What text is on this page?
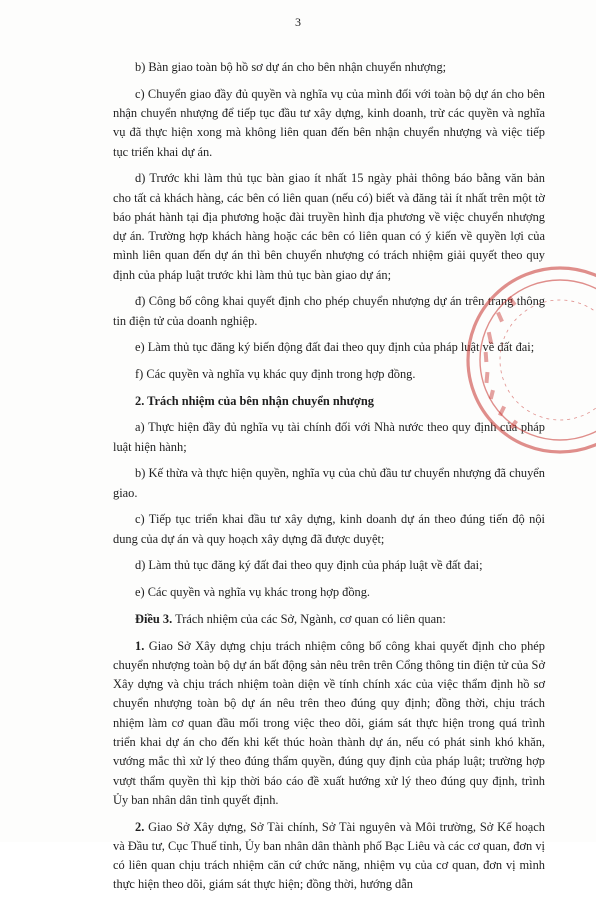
3

b) Bàn giao toàn bộ hồ sơ dự án cho bên nhận chuyển nhượng;

c) Chuyển giao đầy đủ quyền và nghĩa vụ của mình đối với toàn bộ dự án cho bên nhận chuyển nhượng để tiếp tục đầu tư xây dựng, kinh doanh, trừ các quyền và nghĩa vụ đã thực hiện xong mà không liên quan đến bên nhận chuyển nhượng và việc tiếp tục triển khai dự án.

d) Trước khi làm thủ tục bàn giao ít nhất 15 ngày phải thông báo bằng văn bản cho tất cả khách hàng, các bên có liên quan (nếu có) biết và đăng tải ít nhất trên một tờ báo phát hành tại địa phương hoặc đài truyền hình địa phương về việc chuyển nhượng dự án. Trường hợp khách hàng hoặc các bên có liên quan có ý kiến về quyền lợi của mình liên quan đến dự án thì bên chuyển nhượng có trách nhiệm giải quyết theo quy định của pháp luật trước khi làm thủ tục bàn giao dự án;

đ) Công bố công khai quyết định cho phép chuyển nhượng dự án trên trang thông tin điện tử của doanh nghiệp.

e) Làm thủ tục đăng ký biến động đất đai theo quy định của pháp luật về đất đai;

f) Các quyền và nghĩa vụ khác quy định trong hợp đồng.

2. Trách nhiệm của bên nhận chuyển nhượng

a) Thực hiện đầy đủ nghĩa vụ tài chính đối với Nhà nước theo quy định của pháp luật hiện hành;

b) Kế thừa và thực hiện quyền, nghĩa vụ của chủ đầu tư chuyển nhượng đã chuyển giao.

c) Tiếp tục triển khai đầu tư xây dựng, kinh doanh dự án theo đúng tiến độ nội dung của dự án và quy hoạch xây dựng đã được duyệt;

d) Làm thủ tục đăng ký đất đai theo quy định của pháp luật về đất đai;

e) Các quyền và nghĩa vụ khác trong hợp đồng.

Điều 3. Trách nhiệm của các Sở, Ngành, cơ quan có liên quan:

1. Giao Sở Xây dựng chịu trách nhiệm công bố công khai quyết định cho phép chuyển nhượng toàn bộ dự án bất động sản nêu trên trên Cổng thông tin điện tử của Sở Xây dựng và chịu trách nhiệm toàn diện về tính chính xác của việc thẩm định hồ sơ chuyển nhượng toàn bộ dự án nêu trên theo đúng quy định; đồng thời, chịu trách nhiệm làm cơ quan đầu mối trong việc theo dõi, giám sát thực hiện trong quá trình triển khai dự án cho đến khi kết thúc hoàn thành dự án, nếu có phát sinh khó khăn, vướng mắc thì xử lý theo đúng thẩm quyền, đúng quy định của pháp luật; trường hợp vượt thẩm quyền thì kịp thời báo cáo đề xuất hướng xử lý theo đúng quy định, trình Ủy ban nhân dân tỉnh quyết định.

2. Giao Sở Xây dựng, Sở Tài chính, Sở Tài nguyên và Môi trường, Sở Kế hoạch và Đầu tư, Cục Thuế tỉnh, Ủy ban nhân dân thành phố Bạc Liêu và các cơ quan, đơn vị có liên quan chịu trách nhiệm căn cứ chức năng, nhiệm vụ của cơ quan, đơn vị mình thực hiện theo dõi, giám sát thực hiện; đồng thời, hướng dẫn
